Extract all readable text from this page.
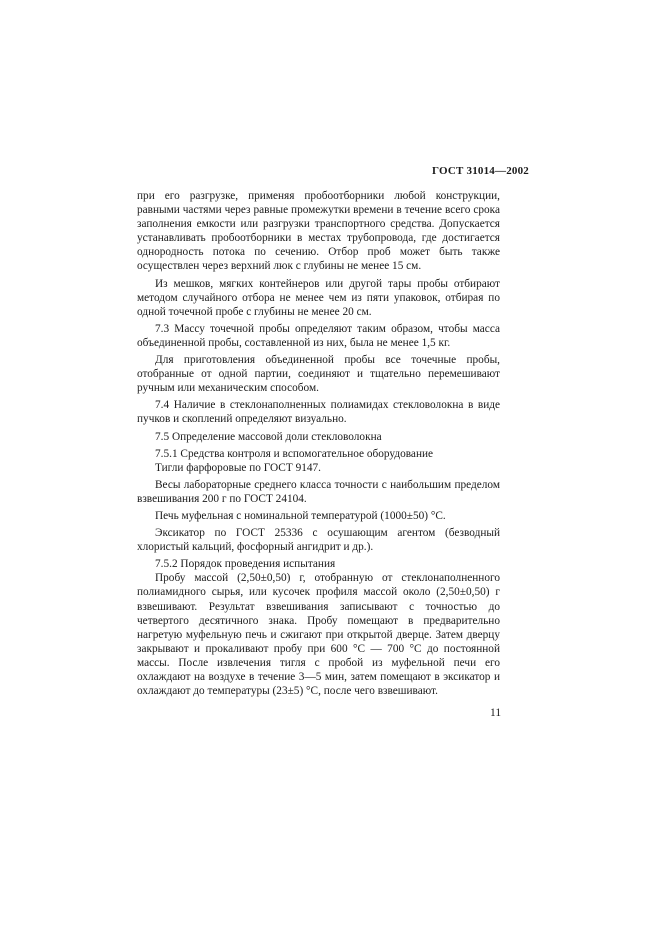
ГОСТ 31014—2002

при его разгрузке, применяя пробоотборники любой конструкции, равными частями через равные промежутки времени в течение всего срока заполнения емкости или разгрузки транспортного средства. Допускается устанавливать пробоотборники в местах трубопровода, где достигается однородность потока по сечению. Отбор проб может быть также осуществлен через верхний люк с глубины не менее 15 см.

Из мешков, мягких контейнеров или другой тары пробы отбирают методом случайного отбора не менее чем из пяти упаковок, отбирая по одной точечной пробе с глубины не менее 20 см.

7.3 Массу точечной пробы определяют таким образом, чтобы масса объединенной пробы, составленной из них, была не менее 1,5 кг.

Для приготовления объединенной пробы все точечные пробы, отобранные от одной партии, соединяют и тщательно перемешивают ручным или механическим способом.

7.4 Наличие в стеклонаполненных полиамидах стекловолокна в виде пучков и скоплений определяют визуально.

7.5 Определение массовой доли стекловолокна

7.5.1 Средства контроля и вспомогательное оборудование

Тигли фарфоровые по ГОСТ 9147.

Весы лабораторные среднего класса точности с наибольшим пределом взвешивания 200 г по ГОСТ 24104.

Печь муфельная с номинальной температурой (1000±50) °С.

Эксикатор по ГОСТ 25336 с осушающим агентом (безводный хлористый кальций, фосфорный ангидрит и др.).

7.5.2 Порядок проведения испытания

Пробу массой (2,50±0,50) г, отобранную от стеклонаполненного полиамидного сырья, или кусочек профиля массой около (2,50±0,50) г взвешивают. Результат взвешивания записывают с точностью до четвертого десятичного знака. Пробу помещают в предварительно нагретую муфельную печь и сжигают при открытой дверце. Затем дверцу закрывают и прокаливают пробу при 600 °С — 700 °С до постоянной массы. После извлечения тигля с пробой из муфельной печи его охлаждают на воздухе в течение 3—5 мин, затем помещают в эксикатор и охлаждают до температуры (23±5) °С, после чего взвешивают.

11
